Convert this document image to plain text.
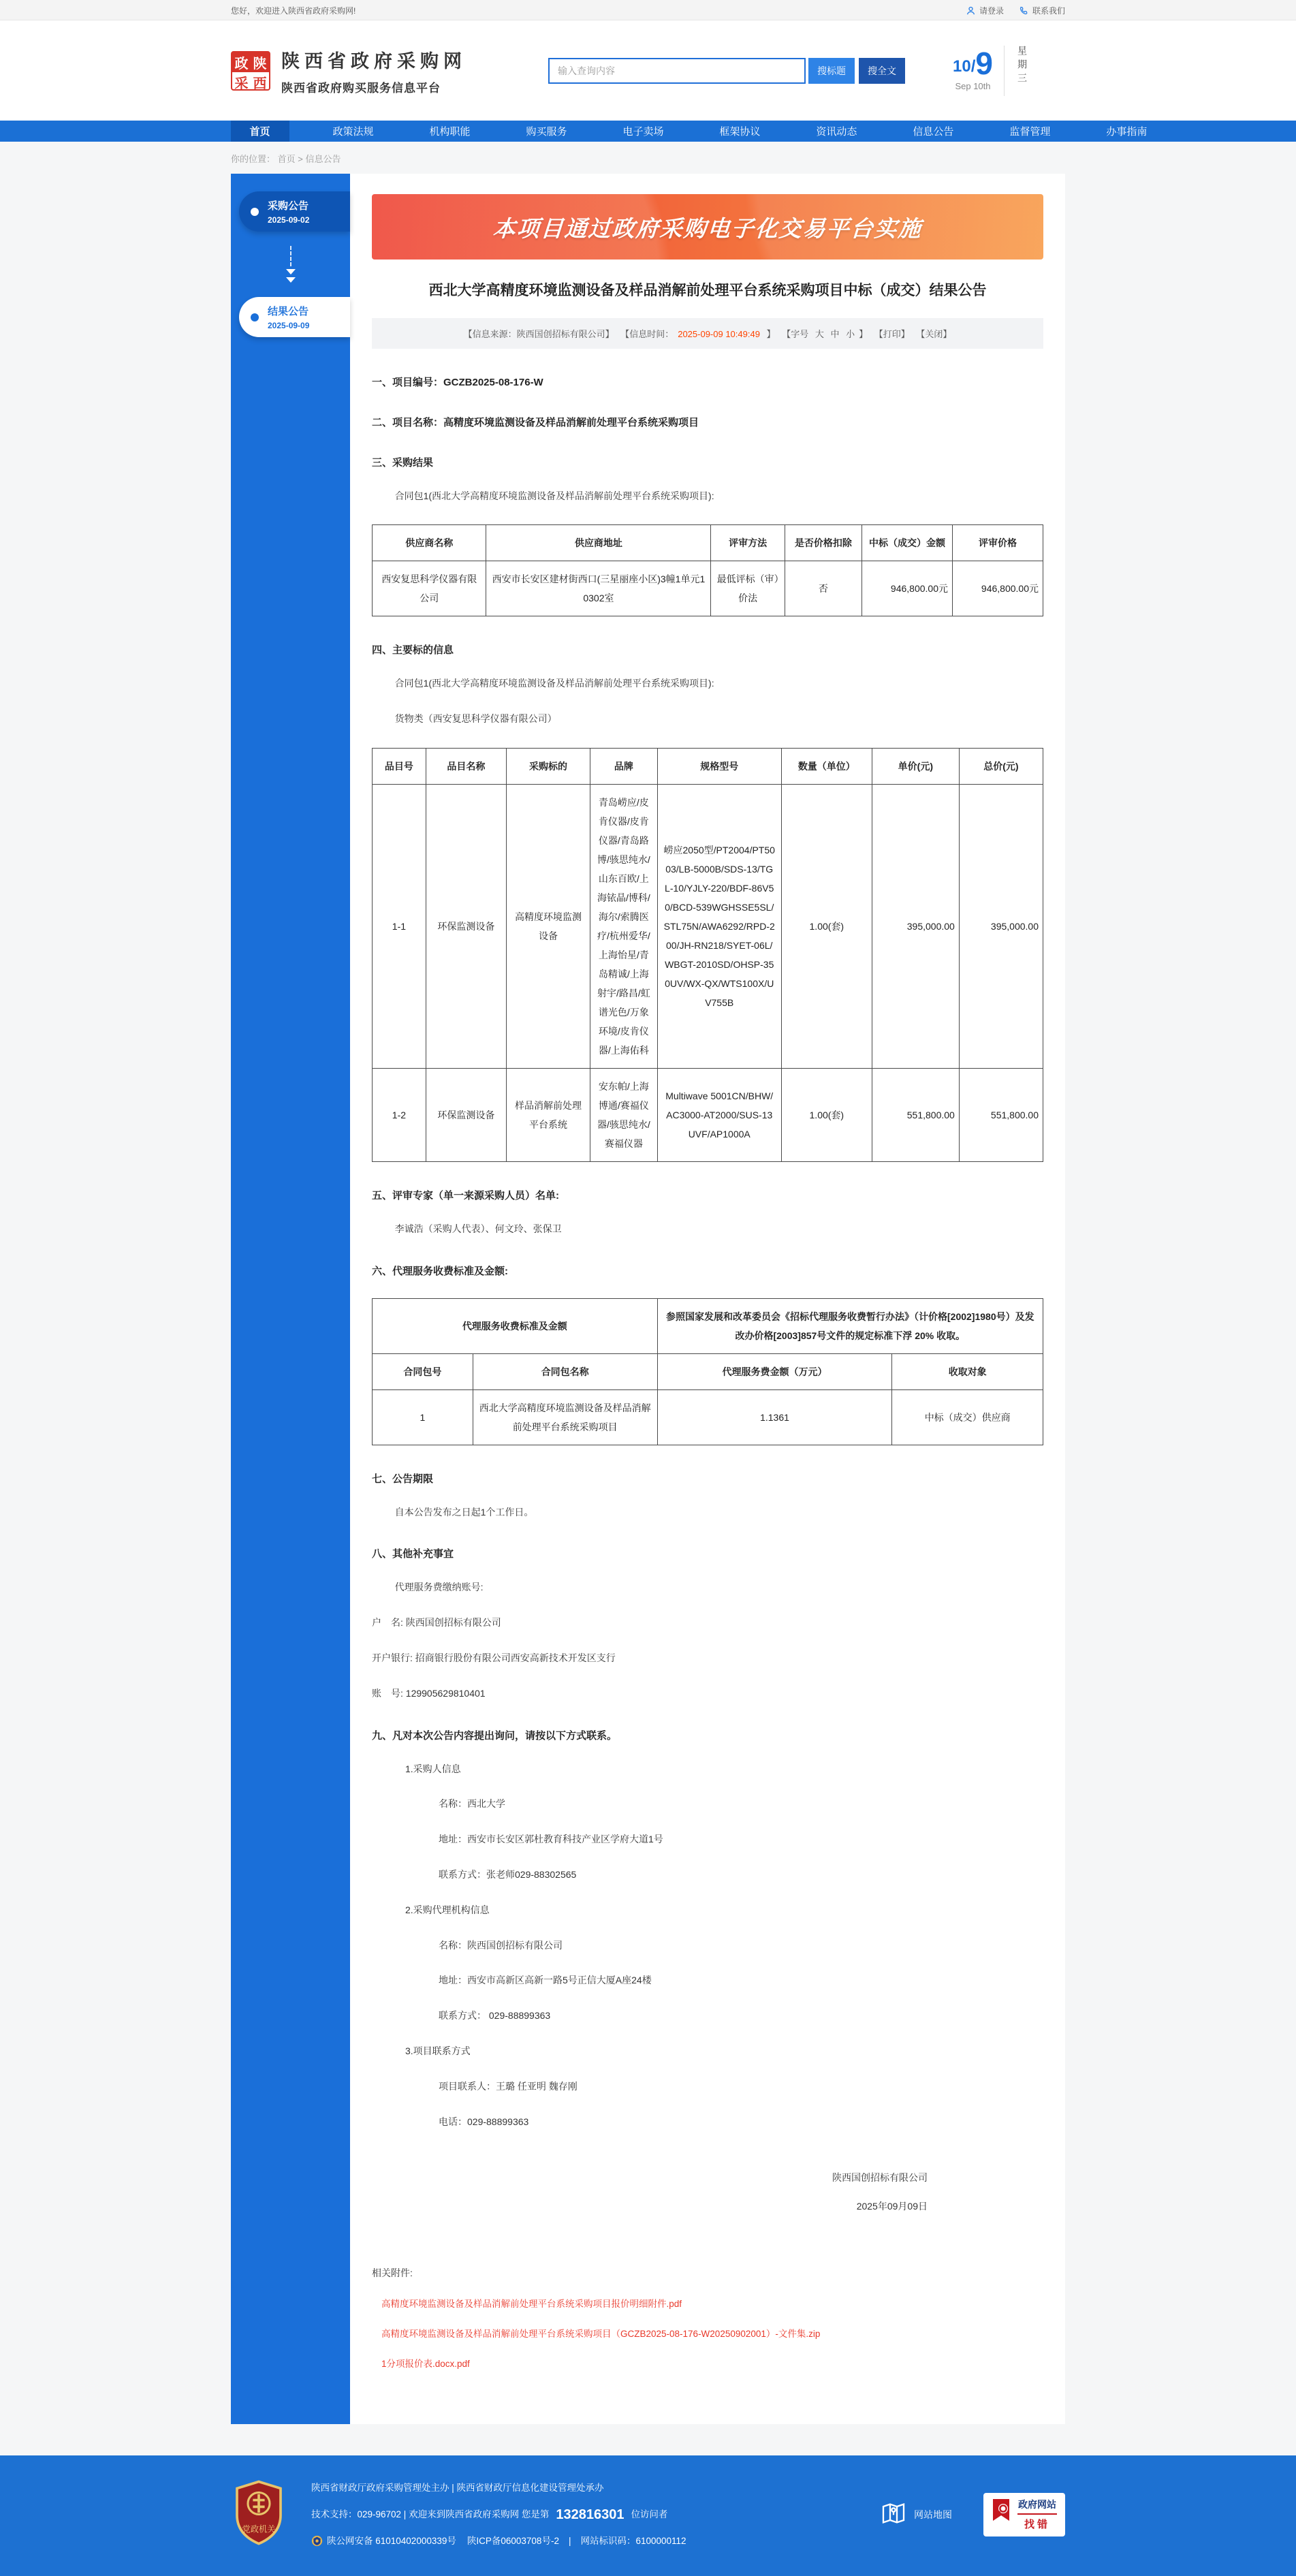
您好，欢迎进入陕西省政府采购网!	请登录	联系我们
政 陕
采 西
陕西省政府采购网
陕西省政府购买服务信息平台
输入查询内容
搜标题	搜全文	10/ 9
Sep 10th	星期三
首页	政策法规	机构职能	购买服务	电子卖场	框架协议	资讯动态	信息公告	监督管理	办事指南
你的位置： 首页 > 信息公告
采购公告
2025-09-02
结果公告
2025-09-09
本项目通过政府采购电子化交易平台实施
西北大学高精度环境监测设备及样品消解前处理平台系统采购项目中标（成交）结果公告
【信息来源：陕西国创招标有限公司】 【信息时间： 2025-09-09 10:49:49 】 【字号 大 中 小 】 【打印】 【关闭】
一、项目编号：GCZB2025-08-176-W
二、项目名称：高精度环境监测设备及样品消解前处理平台系统采购项目
三、采购结果
合同包1(西北大学高精度环境监测设备及样品消解前处理平台系统采购项目):
供应商名称	供应商地址	评审方法	是否价格扣除	中标（成交）金额	评审价格
西安复思科学仪器有限公司	西安市长安区建材街西口(三星丽座小区)3幢1单元10302室	最低评标（审）价法	否	946,800.00元	946,800.00元
四、主要标的信息
合同包1(西北大学高精度环境监测设备及样品消解前处理平台系统采购项目):
货物类（西安复思科学仪器有限公司）
品目号	品目名称	采购标的	品牌	规格型号	数量（单位）	单价(元)	总价(元)
1-1	环保监测设备	高精度环境监测设备	青岛崂应/皮肯仪器/皮肯仪器/青岛路博/骇思纯水/山东百欧/上海铱晶/博科/海尔/索腾医疗/杭州爱华/上海怡星/青岛精诚/上海射宇/路昌/虹谱光色/万象环境/皮肯仪器/上海佑科	崂应2050型/PT2004/PT5003/LB-5000B/SDS-13/TGL-10/YJLY-220/BDF-86V50/BCD-539WGHSSE5SL/STL75N/AWA6292/RPD-200/JH-RN218/SYET-06L/WBGT-2010SD/OHSP-350UV/WX-QX/WTS100X/UV755B	1.00(套)	395,000.00	395,000.00
1-2	环保监测设备	样品消解前处理平台系统	安东帕/上海博通/赛福仪器/骇思纯水/赛福仪器	Multiwave 5001CN/BHW/AC3000-AT2000/SUS-13UVF/AP1000A	1.00(套)	551,800.00	551,800.00
五、评审专家（单一来源采购人员）名单:
李诚浩（采购人代表）、何文玲、张保卫
六、代理服务收费标准及金额:
代理服务收费标准及金额		参照国家发展和改革委员会《招标代理服务收费暂行办法》（计价格[2002]1980号）及发改办价格[2003]857号文件的规定标准下浮 20% 收取。	
合同包号	合同包名称	代理服务费金额（万元）	收取对象
1	西北大学高精度环境监测设备及样品消解前处理平台系统采购项目	1.1361	中标（成交）供应商
七、公告期限
自本公告发布之日起1个工作日。
八、其他补充事宜
代理服务费缴纳账号:
户　名: 陕西国创招标有限公司
开户银行: 招商银行股份有限公司西安高新技术开发区支行
账　号: 129905629810401
九、凡对本次公告内容提出询问，请按以下方式联系。
1.采购人信息
名称：西北大学
地址：西安市长安区郭杜教育科技产业区学府大道1号
联系方式：张老师029-88302565
2.采购代理机构信息
名称：陕西国创招标有限公司
地址：西安市高新区高新一路5号正信大厦A座24楼
联系方式： 029-88899363
3.项目联系方式
项目联系人：王璐 任亚明 魏存刚
电话：029-88899363
陕西国创招标有限公司
2025年09月09日
相关附件:
高精度环境监测设备及样品消解前处理平台系统采购项目报价明细附件.pdf
高精度环境监测设备及样品消解前处理平台系统采购项目（GCZB2025-08-176-W20250902001）-文件集.zip
1分项报价表.docx.pdf
党政机关
陕西省财政厅政府采购管理处主办 | 陕西省财政厅信息化建设管理处承办
技术支持：029-96702 | 欢迎来到陕西省政府采购网 您是第 132816301 位访问者
陕公网安备 61010402000339号 陕ICP备06003708号-2 | 网站标识码：6100000112
网站地图
政府网站
找错
